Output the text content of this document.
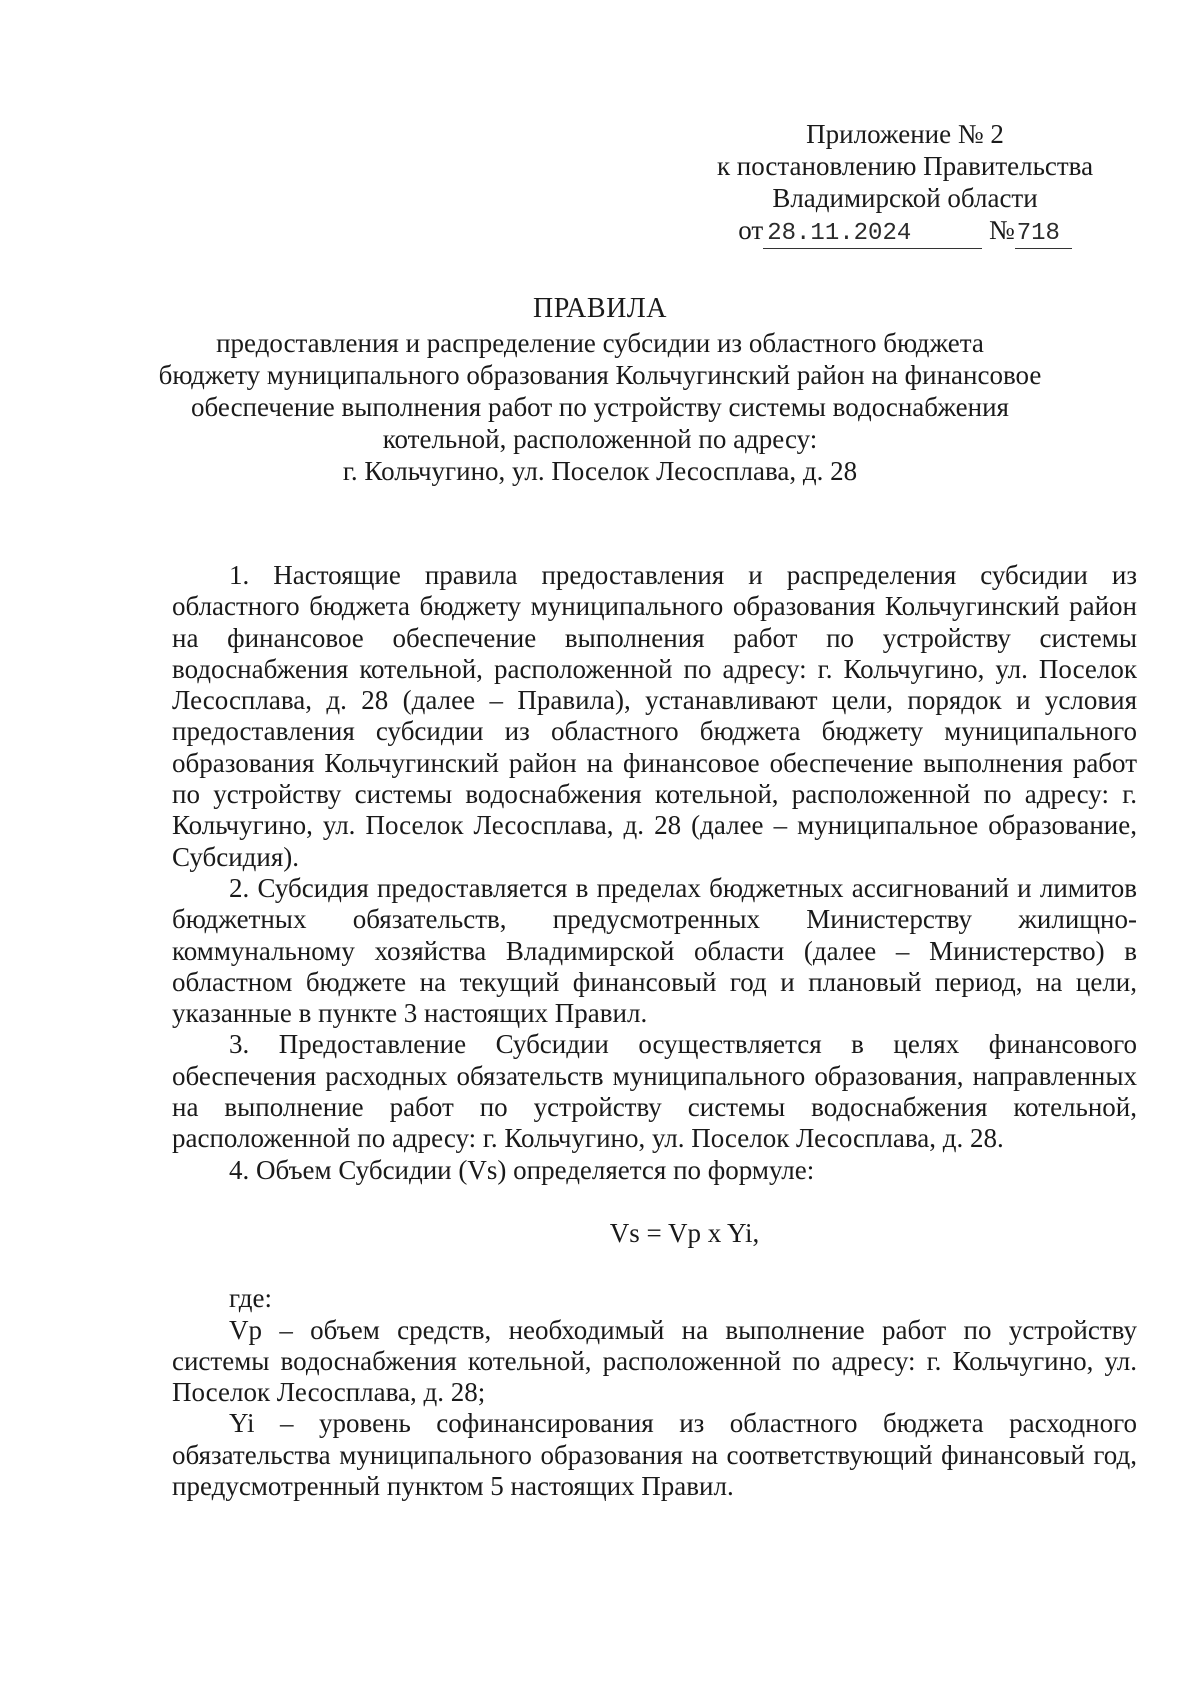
Приложение № 2
к постановлению Правительства
Владимирской области
от 28.11.2024	№718
ПРАВИЛА
предоставления и распределение субсидии из областного бюджета
бюджету муниципального образования Кольчугинский район на финансовое
обеспечение выполнения работ по устройству системы водоснабжения
котельной, расположенной по адресу:
г. Кольчугино, ул. Поселок Лесосплава, д. 28

1. Настоящие правила предоставления и распределения субсидии из областного бюджета бюджету муниципального образования Кольчугинский район на финансовое обеспечение выполнения работ по устройству системы водоснабжения котельной, расположенной по адресу: г. Кольчугино, ул. Поселок Лесосплава, д. 28 (далее – Правила), устанавливают цели, порядок и условия предоставления субсидии из областного бюджета бюджету муниципального образования Кольчугинский район на финансовое обеспечение выполнения работ по устройству системы водоснабжения котельной, расположенной по адресу: г. Кольчугино, ул. Поселок Лесосплава, д. 28 (далее – муниципальное образование, Субсидия).

2. Субсидия предоставляется в пределах бюджетных ассигнований и лимитов бюджетных обязательств, предусмотренных Министерству жилищно-коммунальному хозяйства Владимирской области (далее – Министерство) в областном бюджете на текущий финансовый год и плановый период, на цели, указанные в пункте 3 настоящих Правил.

3. Предоставление Субсидии осуществляется в целях финансового обеспечения расходных обязательств муниципального образования, направленных на выполнение работ по устройству системы водоснабжения котельной, расположенной по адресу: г. Кольчугино, ул. Поселок Лесосплава, д. 28.

4. Объем Субсидии (Vs) определяется по формуле:

Vs = Vp x Yi,

где:

Vp – объем средств, необходимый на выполнение работ по устройству системы водоснабжения котельной, расположенной по адресу: г. Кольчугино, ул. Поселок Лесосплава, д. 28;

Yi – уровень софинансирования из областного бюджета расходного обязательства муниципального образования на соответствующий финансовый год, предусмотренный пунктом 5 настоящих Правил.
